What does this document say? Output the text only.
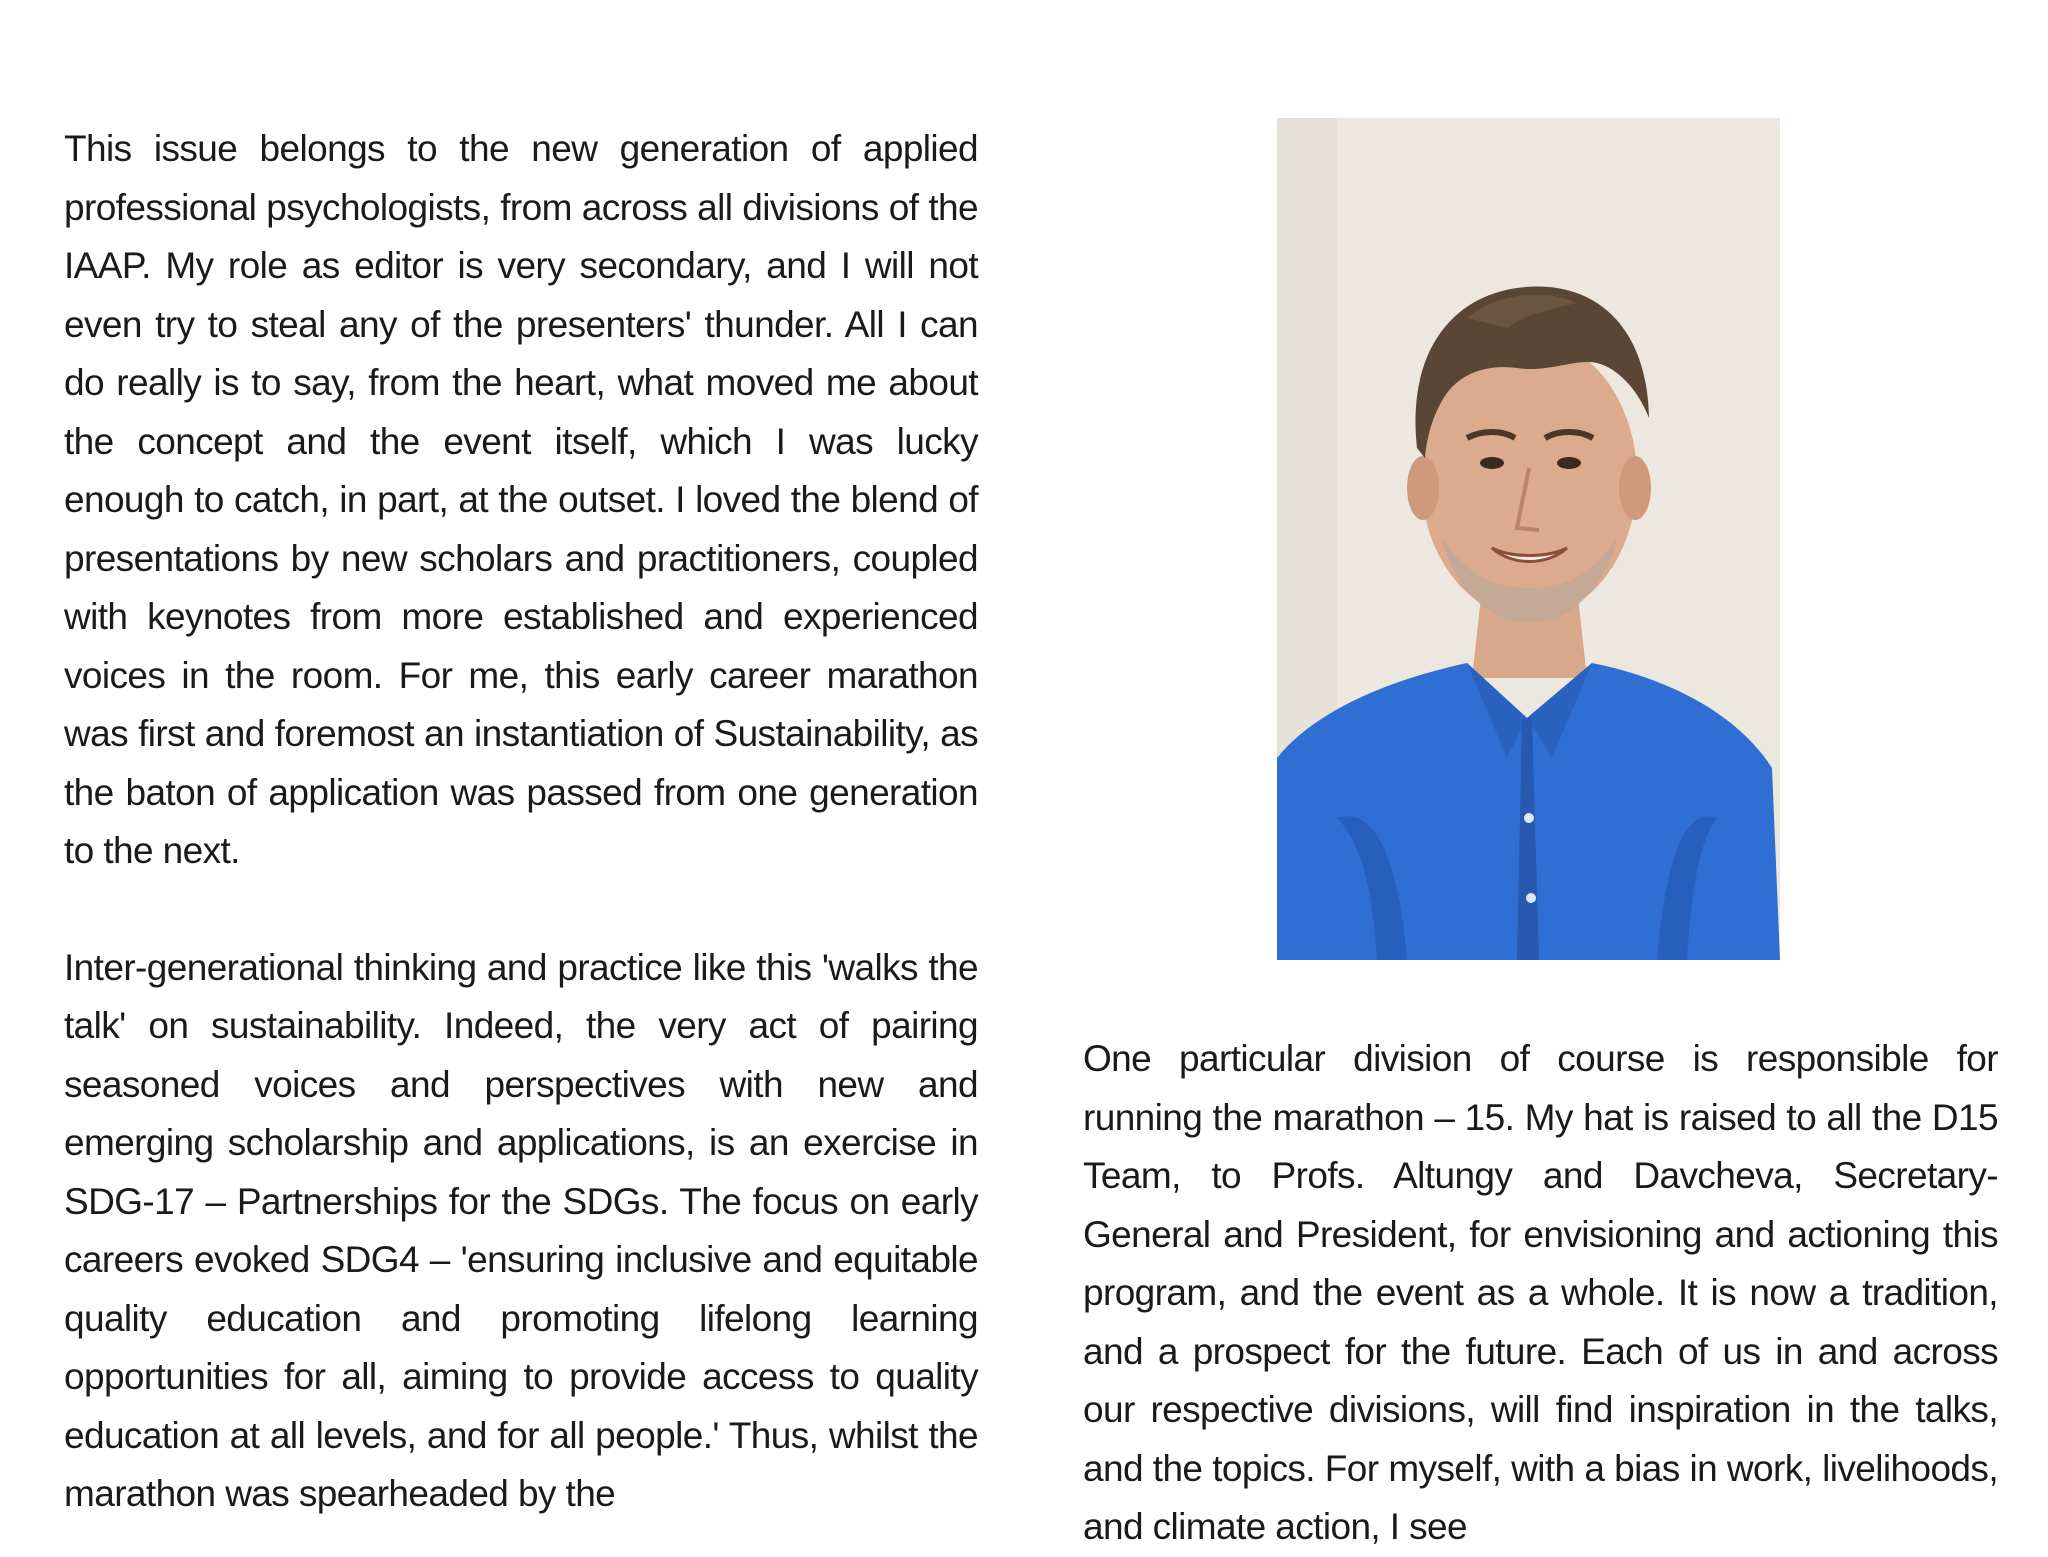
This issue belongs to the new generation of applied professional psychologists, from across all divisions of the IAAP. My role as editor is very secondary, and I will not even try to steal any of the presenters' thunder. All I can do really is to say, from the heart, what moved me about the concept and the event itself, which I was lucky enough to catch, in part, at the outset. I loved the blend of presentations by new scholars and practitioners, coupled with keynotes from more established and experienced voices in the room. For me, this early career marathon was first and foremost an instantiation of Sustainability, as the baton of application was passed from one generation to the next.

Inter-generational thinking and practice like this 'walks the talk' on sustainability. Indeed, the very act of pairing seasoned voices and perspectives with new and emerging scholarship and applications, is an exercise in SDG-17 – Partnerships for the SDGs. The focus on early careers evoked SDG4 – 'ensuring inclusive and equitable quality education and promoting lifelong learning opportunities for all, aiming to provide access to quality education at all levels, and for all people.' Thus, whilst the marathon was spearheaded by the

One particular division of course is responsible for running the marathon – 15. My hat is raised to all the D15 Team, to Profs. Altungy and Davcheva, Secretary-General and President, for envisioning and actioning this program, and the event as a whole. It is now a tradition, and a prospect for the future. Each of us in and across our respective divisions, will find inspiration in the talks, and the topics. For myself, with a bias in work, livelihoods, and climate action, I see
